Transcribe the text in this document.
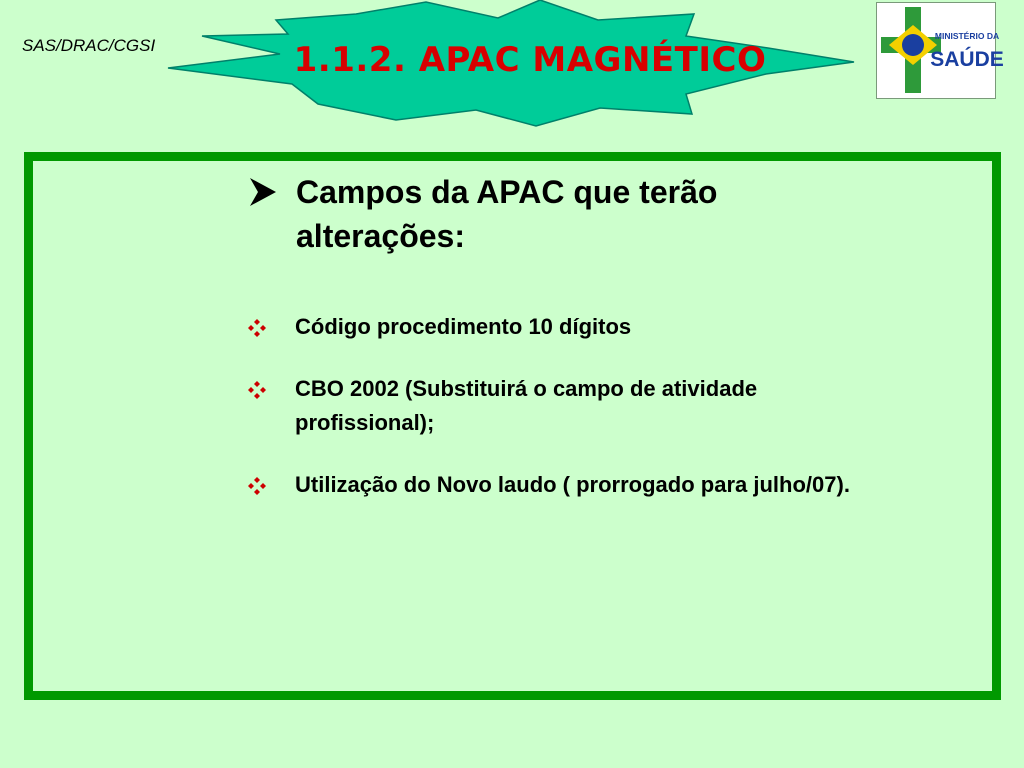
SAS/DRAC/CGSI	1.1.2. APAC MAGNÉTICO
MINISTÉRIO DA
SAÚDE
Campos da APAC que terão alterações:
Código procedimento 10 dígitos
CBO 2002 (Substituirá o campo de atividade profissional);
Utilização do Novo laudo ( prorrogado para julho/07).
